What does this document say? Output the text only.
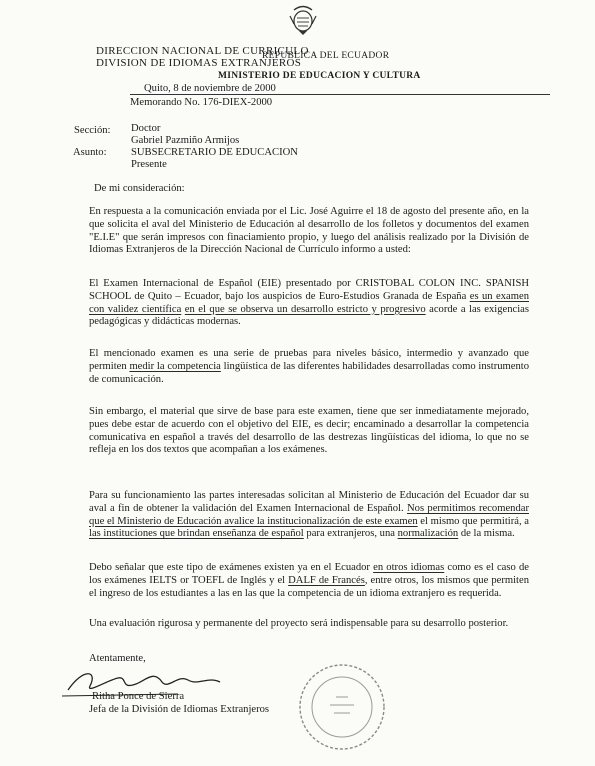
DIRECCION NACIONAL DE CURRICULO
DIVISION DE IDIOMAS EXTRANJEROS
REPUBLICA DEL ECUADOR
MINISTERIO DE EDUCACION Y CULTURA
Quito, 8 de noviembre de 2000
Memorando No. 176-DIEX-2000
Sección:
Asunto:
Doctor
Gabriel Pazmiño Armijos
SUBSECRETARIO DE EDUCACION
Presente
De mi consideración:

En respuesta a la comunicación enviada por el Lic. José Aguirre el 18 de agosto del presente año, en la que solicita el aval del Ministerio de Educación al desarrollo de los folletos y documentos del examen "E.I.E" que serán impresos con finaciamiento propio, y luego del análisis realizado por la División de Idiomas Extranjeros de la Dirección Nacional de Currículo informo a usted:

El Examen Internacional de Español (EIE) presentado por CRISTOBAL COLON INC. SPANISH SCHOOL de Quito – Ecuador, bajo los auspicios de Euro-Estudios Granada de España es un examen con validez científica en el que se observa un desarrollo estricto y progresivo acorde a las exigencias pedagógicas y didácticas modernas.

El mencionado examen es una serie de pruebas para niveles básico, intermedio y avanzado que permiten medir la competencia lingüística de las diferentes habilidades desarrolladas como instrumento de comunicación.

Sin embargo, el material que sirve de base para este examen, tiene que ser inmediatamente mejorado, pues debe estar de acuerdo con el objetivo del EIE, es decir; encaminado a desarrollar la competencia comunicativa en español a través del desarrollo de las destrezas lingüísticas del idioma, lo que no se refleja en los dos textos que acompañan a los exámenes.

Para su funcionamiento las partes interesadas solicitan al Ministerio de Educación del Ecuador dar su aval a fin de obtener la validación del Examen Internacional de Español. Nos permitimos recomendar que el Ministerio de Educación avalice la institucionalización de este examen el mismo que permitirá, a las instituciones que brindan enseñanza de español para extranjeros, una normalización de la misma.

Debo señalar que este tipo de exámenes existen ya en el Ecuador en otros idiomas como es el caso de los exámenes IELTS or TOEFL de Inglés y el DALF de Francés, entre otros, los mismos que permiten el ingreso de los estudiantes a las en las que la competencia de un idioma extranjero es requerida.

Una evaluación rigurosa y permanente del proyecto será indispensable para su desarrollo posterior.

Atentamente,
Ritha Ponce de Sierra
Jefa de la División de Idiomas Extranjeros
